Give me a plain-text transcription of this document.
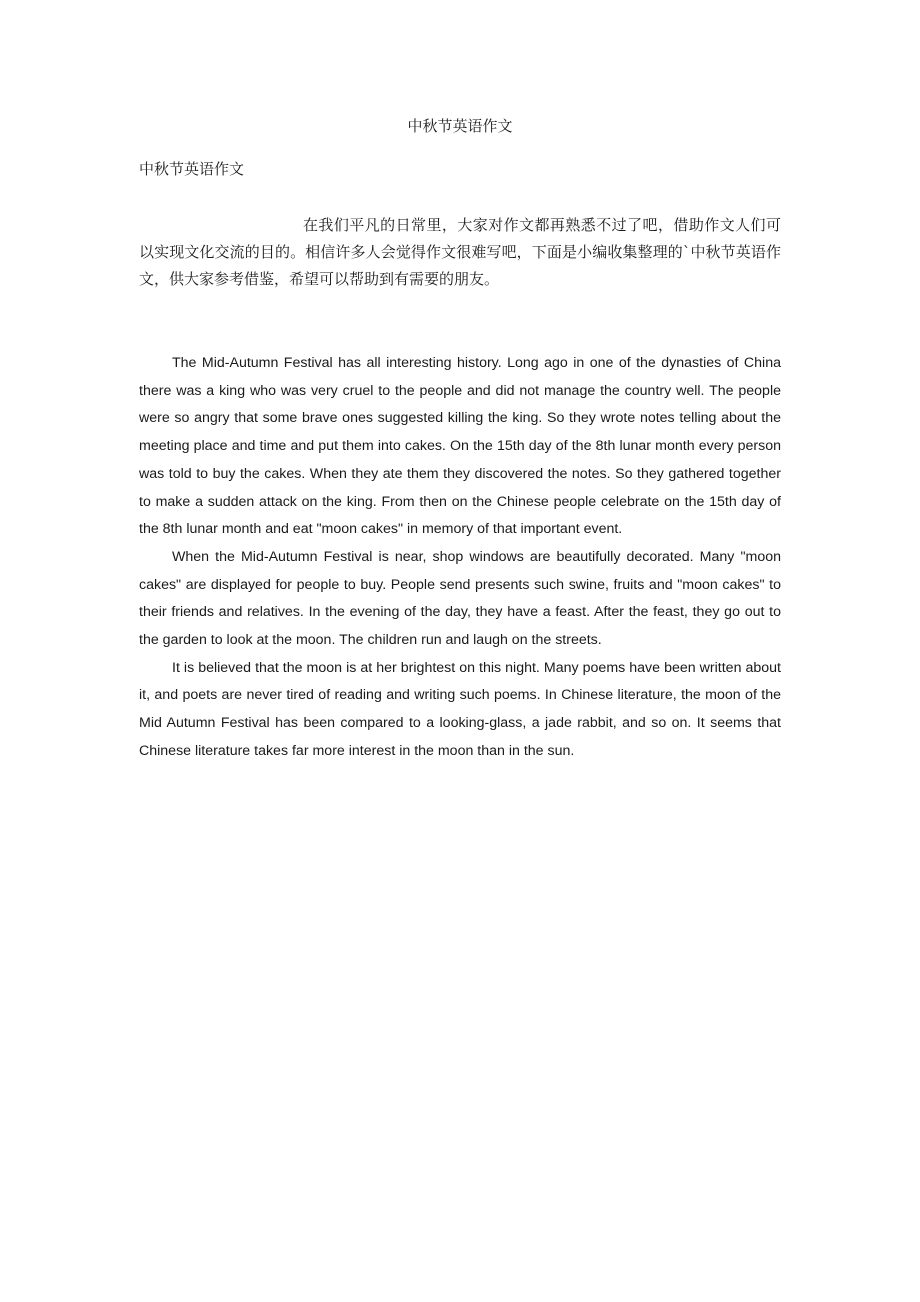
中秋节英语作文
中秋节英语作文

在我们平凡的日常里，大家对作文都再熟悉不过了吧，借助作文人们可以实现文化交流的目的。相信许多人会觉得作文很难写吧，下面是小编收集整理的`中秋节英语作文，供大家参考借鉴，希望可以帮助到有需要的朋友。

The Mid-Autumn Festival has all interesting history. Long ago in one of the dynasties of China there was a king who was very cruel to the people and did not manage the country well. The people were so angry that some brave ones suggested killing the king. So they wrote notes telling about the meeting place and time and put them into cakes. On the 15th day of the 8th lunar month every person was told to buy the cakes. When they ate them they discovered the notes. So they gathered together to make a sudden attack on the king. From then on the Chinese people celebrate on the 15th day of the 8th lunar month and eat "moon cakes" in memory of that important event.

When the Mid-Autumn Festival is near, shop windows are beautifully decorated. Many "moon cakes" are displayed for people to buy. People send presents such swine, fruits and "moon cakes" to their friends and relatives. In the evening of the day, they have a feast. After the feast, they go out to the garden to look at the moon. The children run and laugh on the streets.

It is believed that the moon is at her brightest on this night. Many poems have been written about it, and poets are never tired of reading and writing such poems. In Chinese literature, the moon of the Mid Autumn Festival has been compared to a looking-glass, a jade rabbit, and so on. It seems that Chinese literature takes far more interest in the moon than in the sun.
